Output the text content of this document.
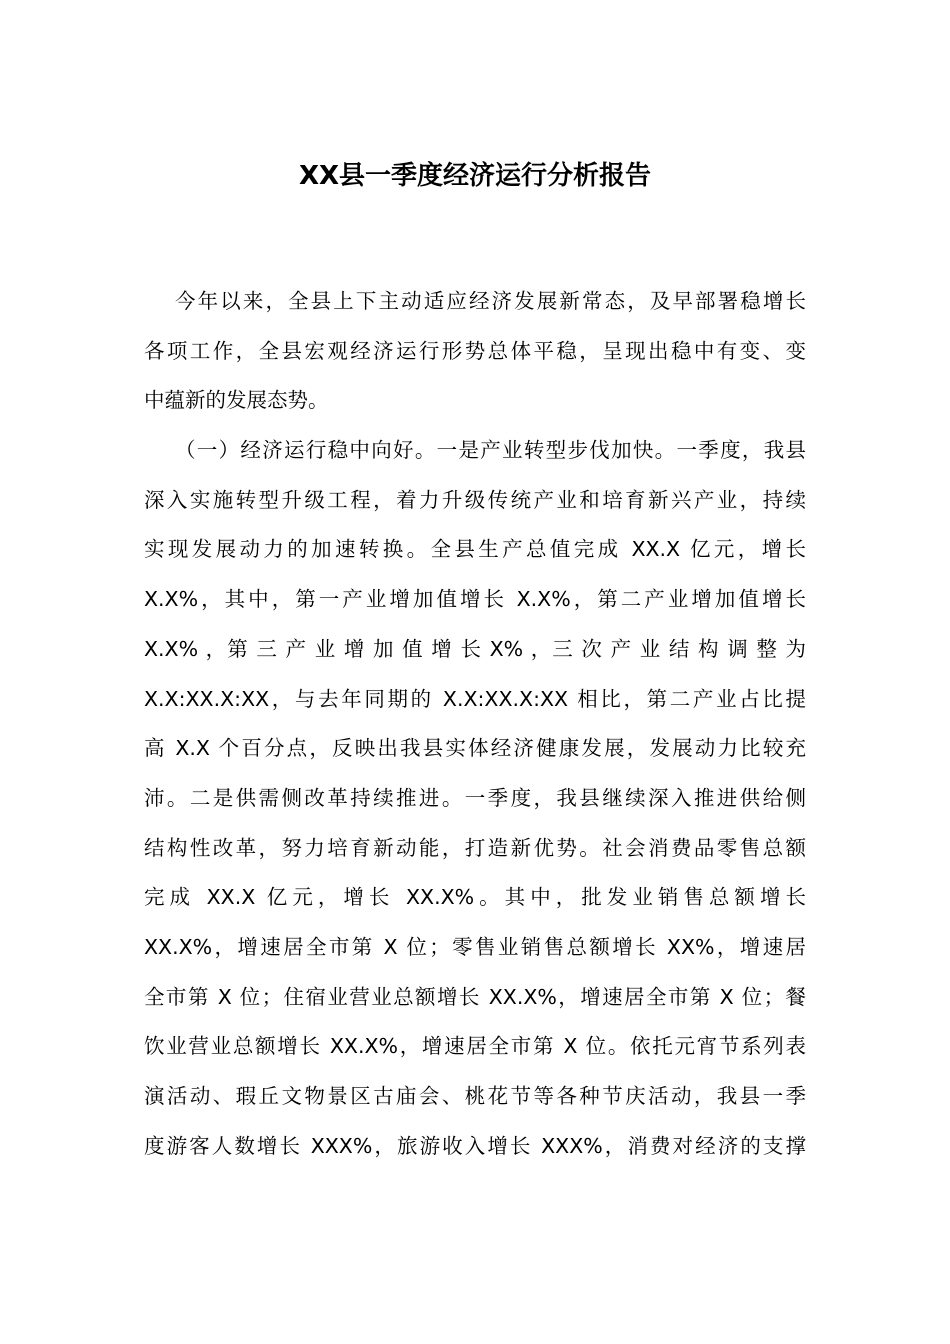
XX县一季度经济运行分析报告
今年以来，全县上下主动适应经济发展新常态，及早部署稳增长
各项工作，全县宏观经济运行形势总体平稳，呈现出稳中有变、变
中蕴新的发展态势。
（一）经济运行稳中向好。一是产业转型步伐加快。一季度，我县
深入实施转型升级工程，着力升级传统产业和培育新兴产业，持续
实现发展动力的加速转换。全县生产总值完成 XX.X 亿元，增长
X.X%，其中，第一产业增加值增长 X.X%，第二产业增加值增长
X.X% ，第 三 产 业 增 加 值 增 长 X% ，三 次 产 业 结 构 调 整 为
X.X:XX.X:XX，与去年同期的 X.X:XX.X:XX 相比，第二产业占比提
高 X.X 个百分点，反映出我县实体经济健康发展，发展动力比较充
沛。二是供需侧改革持续推进。一季度，我县继续深入推进供给侧
结构性改革，努力培育新动能，打造新优势。社会消费品零售总额
完成 XX.X 亿元，增长 XX.X%。其中，批发业销售总额增长
XX.X%，增速居全市第 X 位；零售业销售总额增长 XX%，增速居
全市第 X 位；住宿业营业总额增长 XX.X%，增速居全市第 X 位；餐
饮业营业总额增长 XX.X%，增速居全市第 X 位。依托元宵节系列表
演活动、瑕丘文物景区古庙会、桃花节等各种节庆活动，我县一季
度游客人数增长 XXX%，旅游收入增长 XXX%，消费对经济的支撑
